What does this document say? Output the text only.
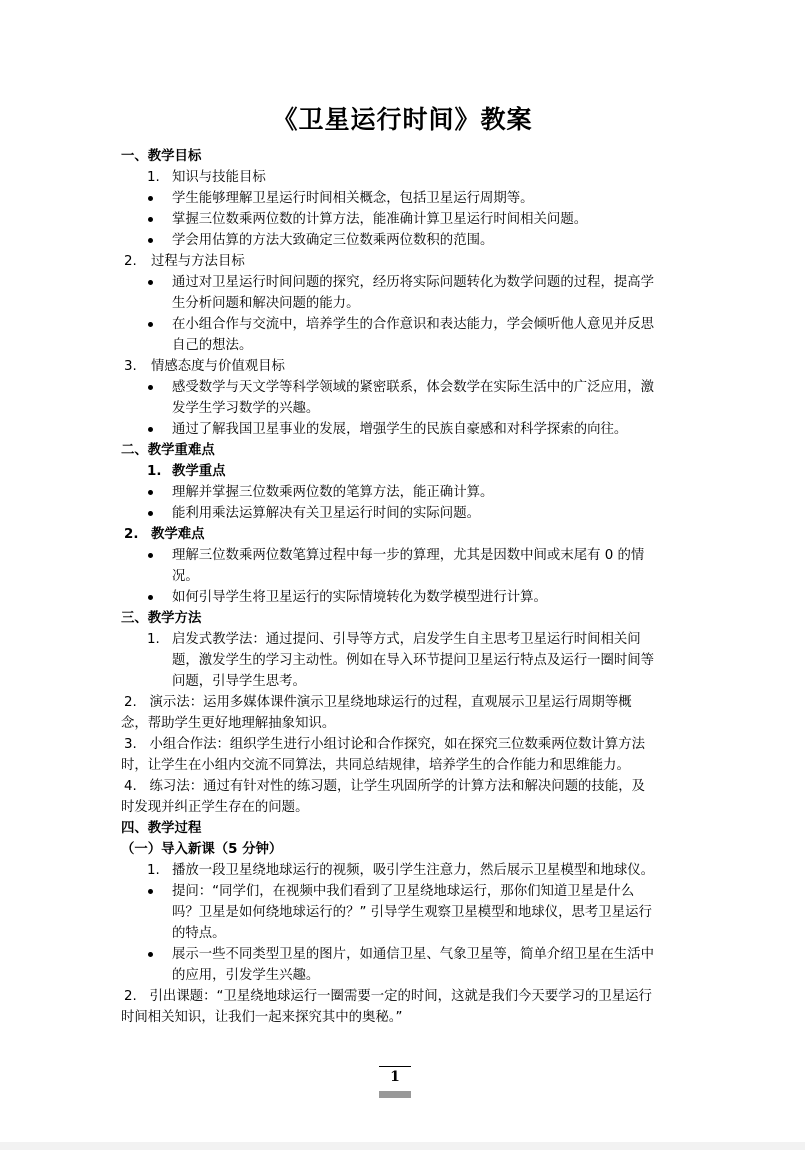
《卫星运行时间》教案
一、教学目标
1. 知识与技能目标
学生能够理解卫星运行时间相关概念，包括卫星运行周期等。
掌握三位数乘两位数的计算方法，能准确计算卫星运行时间相关问题。
学会用估算的方法大致确定三位数乘两位数积的范围。
2. 过程与方法目标
通过对卫星运行时间问题的探究，经历将实际问题转化为数学问题的过程，提高学
生分析问题和解决问题的能力。
在小组合作与交流中，培养学生的合作意识和表达能力，学会倾听他人意见并反思
自己的想法。
3. 情感态度与价值观目标
感受数学与天文学等科学领域的紧密联系，体会数学在实际生活中的广泛应用，激
发学生学习数学的兴趣。
通过了解我国卫星事业的发展，增强学生的民族自豪感和对科学探索的向往。
二、教学重难点
1. 教学重点
理解并掌握三位数乘两位数的笔算方法，能正确计算。
能利用乘法运算解决有关卫星运行时间的实际问题。
2. 教学难点
理解三位数乘两位数笔算过程中每一步的算理，尤其是因数中间或末尾有 0 的情
况。
如何引导学生将卫星运行的实际情境转化为数学模型进行计算。
三、教学方法
1. 启发式教学法：通过提问、引导等方式，启发学生自主思考卫星运行时间相关问
题，激发学生的学习主动性。例如在导入环节提问卫星运行特点及运行一圈时间等
问题，引导学生思考。
2.   演示法：运用多媒体课件演示卫星绕地球运行的过程，直观展示卫星运行周期等概
念，帮助学生更好地理解抽象知识。
3.   小组合作法：组织学生进行小组讨论和合作探究，如在探究三位数乘两位数计算方法
时，让学生在小组内交流不同算法，共同总结规律，培养学生的合作能力和思维能力。
4.   练习法：通过有针对性的练习题，让学生巩固所学的计算方法和解决问题的技能，及
时发现并纠正学生存在的问题。
四、教学过程
（一）导入新课（5 分钟）
1. 播放一段卫星绕地球运行的视频，吸引学生注意力，然后展示卫星模型和地球仪。
提问：“同学们，在视频中我们看到了卫星绕地球运行，那你们知道卫星是什么
吗？卫星是如何绕地球运行的？” 引导学生观察卫星模型和地球仪，思考卫星运行
的特点。
展示一些不同类型卫星的图片，如通信卫星、气象卫星等，简单介绍卫星在生活中
的应用，引发学生兴趣。
2.   引出课题：“卫星绕地球运行一圈需要一定的时间，这就是我们今天要学习的卫星运行
时间相关知识，让我们一起来探究其中的奥秘。”
1
